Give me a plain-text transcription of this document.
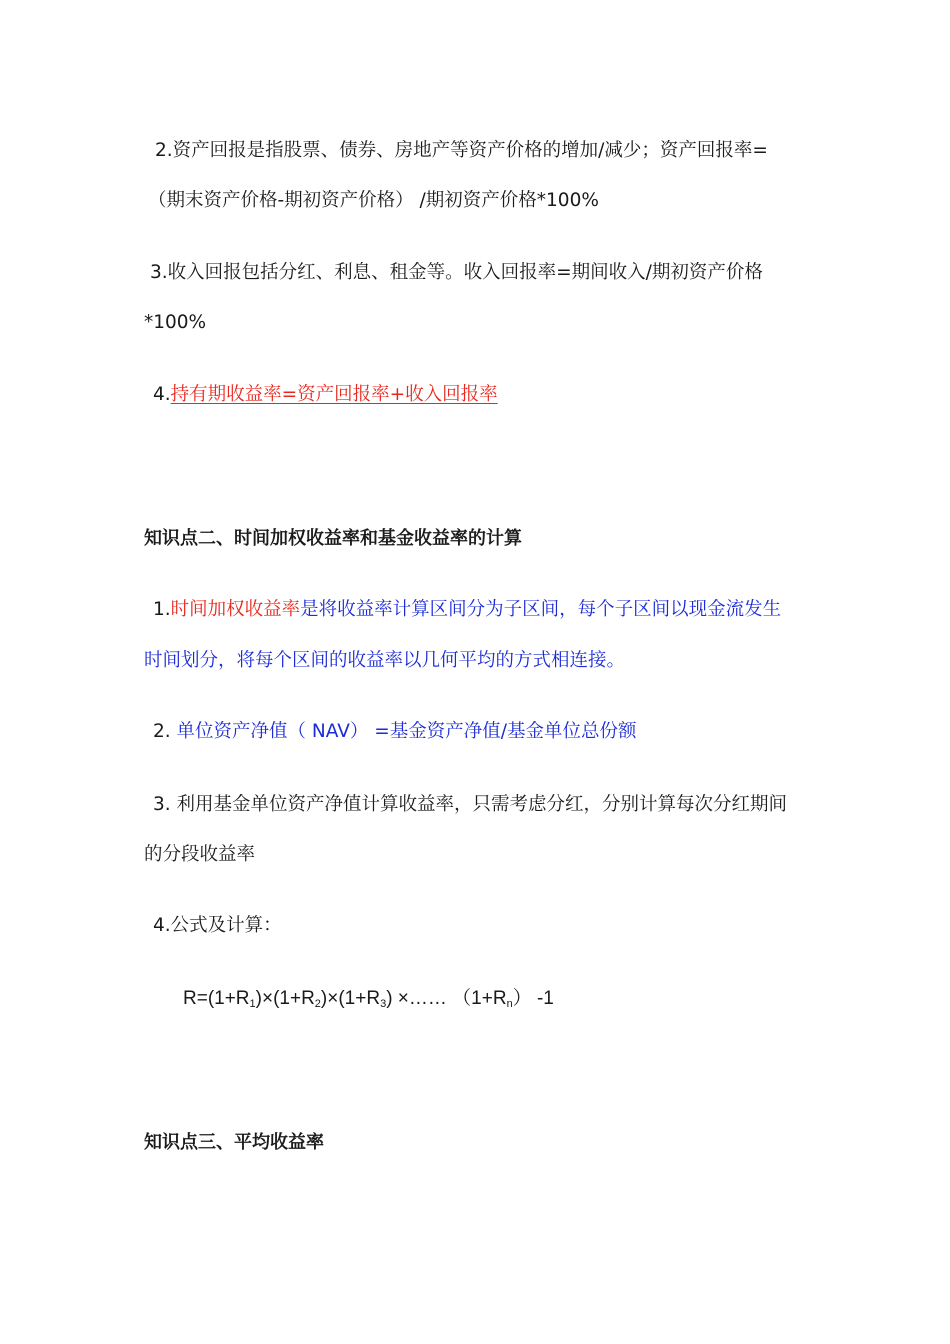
2.资产回报是指股票、债券、房地产等资产价格的增加/减少；资产回报率=
（期末资产价格-期初资产价格） /期初资产价格*100%
3.收入回报包括分红、利息、租金等。收入回报率=期间收入/期初资产价格
*100%
4.持有期收益率=资产回报率+收入回报率
知识点二、时间加权收益率和基金收益率的计算
1.时间加权收益率是将收益率计算区间分为子区间，每个子区间以现金流发生
时间划分，将每个区间的收益率以几何平均的方式相连接。
2. 单位资产净值（ NAV） =基金资产净值/基金单位总份额
3. 利用基金单位资产净值计算收益率，只需考虑分红，分别计算每次分红期间
的分段收益率
4.公式及计算：
$R=(1+R_1)\times(1+R_2)\times(1+R_3)$ ×…… $(1+R_n)$ -1
知识点三、平均收益率
